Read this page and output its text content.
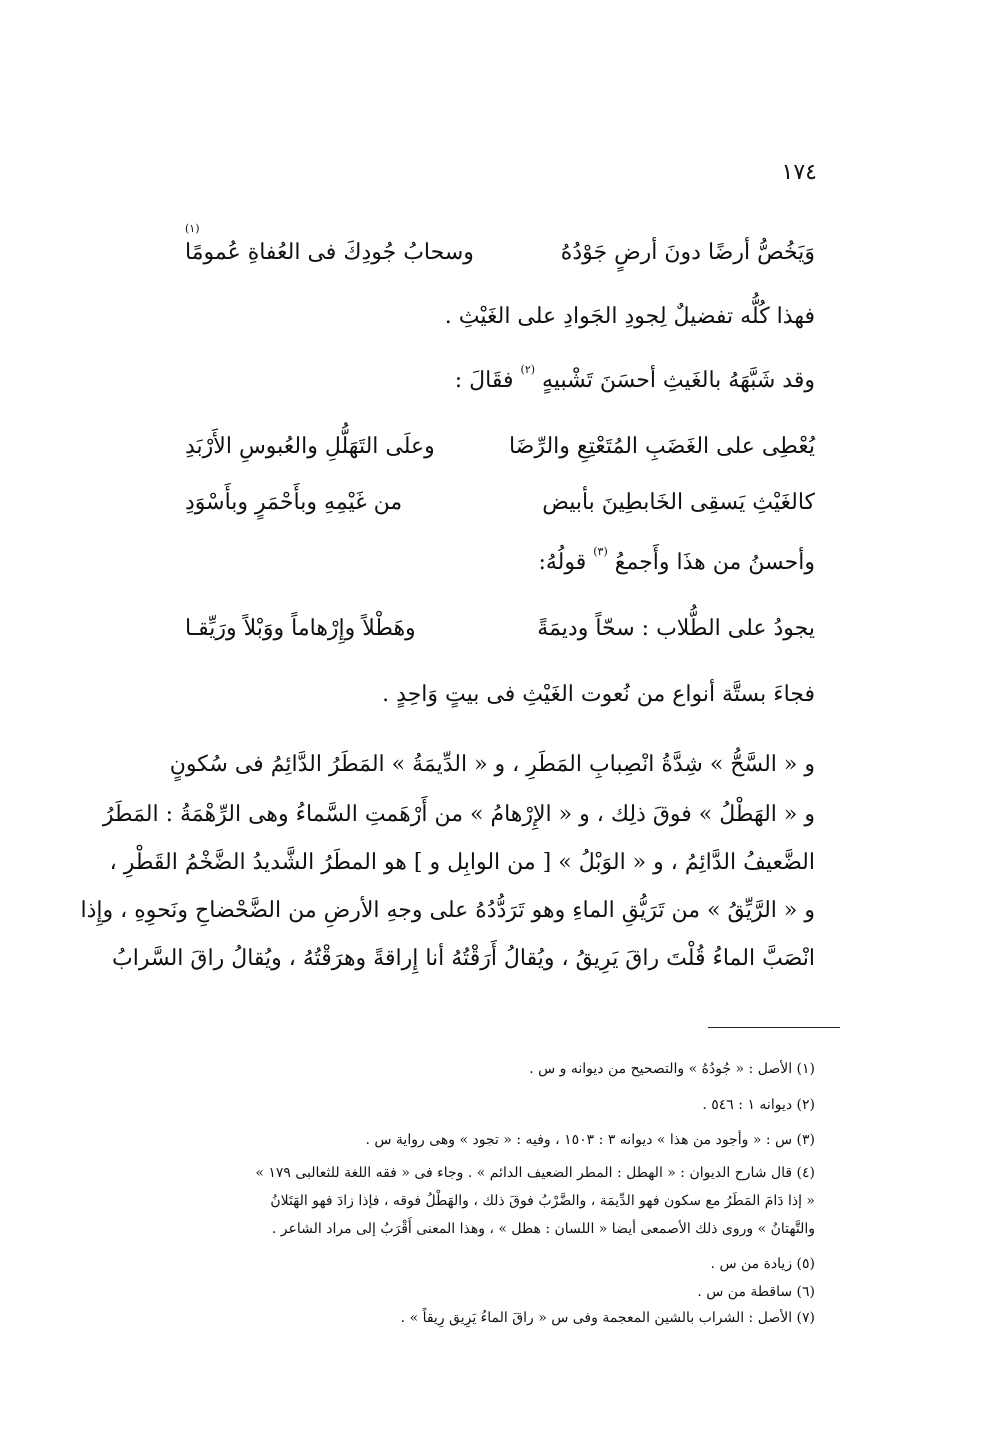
١٧٤
وَيَخُصُّ أرضًا دونَ أرضٍ جَوْدُهُ
وسحابُ جُودِكَ فى العُفاةِ عُمومًا
(١)
فهذا كُلُّه تفضيلٌ لِجودِ الجَوادِ على الغَيْثِ .
وقد شَبَّهَهُ بالغَيثِ أحسَنَ تَشْبيهٍ $^{(٢)}$ فقَالَ :
يُعْطِى على الغَضَبِ المُتَعْتِعِ والرِّضَا
وعلَى التَهَلُّلِ والعُبوسِ الأَرْبَدِ
كالغَيْثِ يَسقِى الخَابطِينَ بأبيض
من غَيْمِهِ وبأَحْمَرٍ وبأَسْوَدِ
وأحسنُ من هذَا وأَجمعُ $^{(٣)}$ قولُهُ:
يجودُ على الطُّلاب : سحّاً وديمَةً
وهَطْلاً وإِرْهاماً ووَبْلاً ورَيِّقـا
فجاءَ بستَّة أنواع من نُعوت الغَيْثِ فى بيتٍ وَاحِدٍ .
و « السَّحُّ » شِدَّةُ انْصِبابِ المَطَرِ ، و « الدِّيمَةُ » المَطَرُ الدَّائِمُ فى سُكونٍ
و « الهَطْلُ » فوقَ ذلِك ، و « الإِرْهامُ » من أَرْهَمتِ السَّماءُ وهى الرِّهْمَةُ : المَطَرُ
الضَّعيفُ الدَّائِمُ ، و « الوَبْلُ » [ من الوابِل و ] هو المطَرُ الشَّديدُ الضَّخْمُ القَطْرِ ،
و « الرَّيِّقُ » من تَرَيُّقِ الماءِ وهو تَرَدُّدُهُ على وجهِ الأرضِ من الضَّحْضاحِ ونَحوِهِ ، وإِذا
انْصَبَّ الماءُ قُلْتَ راقَ يَرِيقُ ، ويُقالُ أَرَقْتُهُ أنا إِراقةً وهرَقْتُهُ ، ويُقالُ راقَ السَّرابُ
(١) الأصل : « جُودُهُ » والتصحيح من ديوانه و س .
(٢) ديوانه ١ : ٥٤٦ .
(٣) س : « وأجود من هذا » ديوانه ٣ : ١٥٠٣ ، وفيه : « تجود » وهى رواية س .
(٤) قال شارح الديوان : « الهطل : المطر الضعيف الدائم » . وجاء فى « فقه اللغة للثعالبى ١٧٩ »
« إذا دَامَ المَطَرُ مع سكون فهو الدِّيمَة ، والضَّرْبُ فوقَ ذلك ، والهَطْلُ فوقه ، فإذا زادَ فهو الهَتَلانُ
والتَّهتانُ » وروى ذلك الأصمعى أيضا « اللسان : هطل » ، وهذا المعنى أَقْرَبُ إلى مراد الشاعر .
(٥) زيادة من س .
(٦) ساقطة من س .
(٧) الأصل : الشراب بالشين المعجمة وفى س « راقَ الماءُ يَرِيق رِيقاً » .
